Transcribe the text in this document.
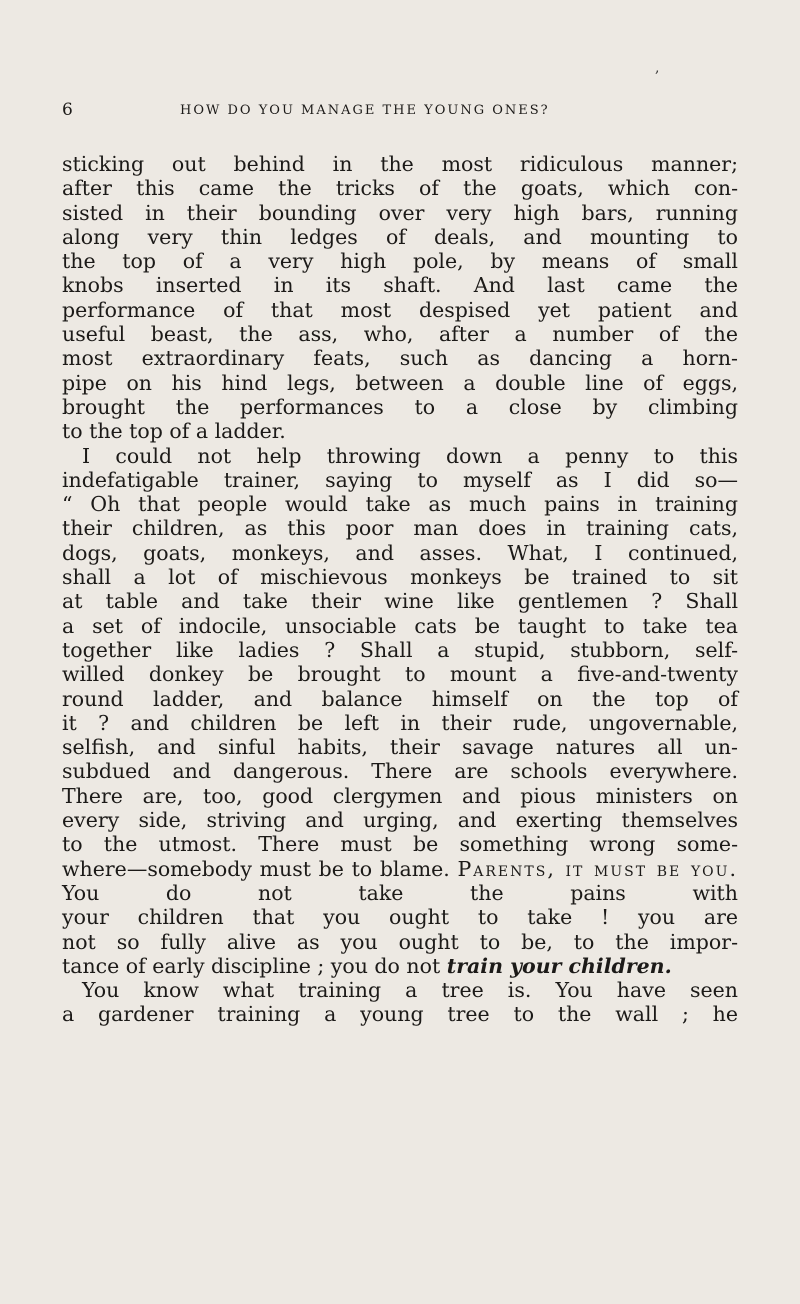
,
6	HOW DO YOU MANAGE THE YOUNG ONES?
sticking out behind in the most ridiculous manner;
after this came the tricks of the goats, which con-
sisted in their bounding over very high bars, running
along very thin ledges of deals, and mounting to
the top of a very high pole, by means of small
knobs inserted in its shaft. And last came the
performance of that most despised yet patient and
useful beast, the ass, who, after a number of the
most extraordinary feats, such as dancing a horn-
pipe on his hind legs, between a double line of eggs,
brought the performances to a close by climbing
to the top of a ladder.
I could not help throwing down a penny to this
indefatigable trainer, saying to myself as I did so—
“ Oh that people would take as much pains in training
their children, as this poor man does in training cats,
dogs, goats, monkeys, and asses. What, I continued,
shall a lot of mischievous monkeys be trained to sit
at table and take their wine like gentlemen ? Shall
a set of indocile, unsociable cats be taught to take tea
together like ladies ? Shall a stupid, stubborn, self-
willed donkey be brought to mount a five-and-twenty
round ladder, and balance himself on the top of
it ? and children be left in their rude, ungovernable,
selfish, and sinful habits, their savage natures all un-
subdued and dangerous. There are schools everywhere.
There are, too, good clergymen and pious ministers on
every side, striving and urging, and exerting themselves
to the utmost. There must be something wrong some-
where—somebody must be to blame. Parents, it must be you.
You do not take the pains with
your children that you ought to take ! you are
not so fully alive as you ought to be, to the impor-
tance of early discipline ; you do not train your children.
You know what training a tree is. You have seen
a gardener training a young tree to the wall ; he
